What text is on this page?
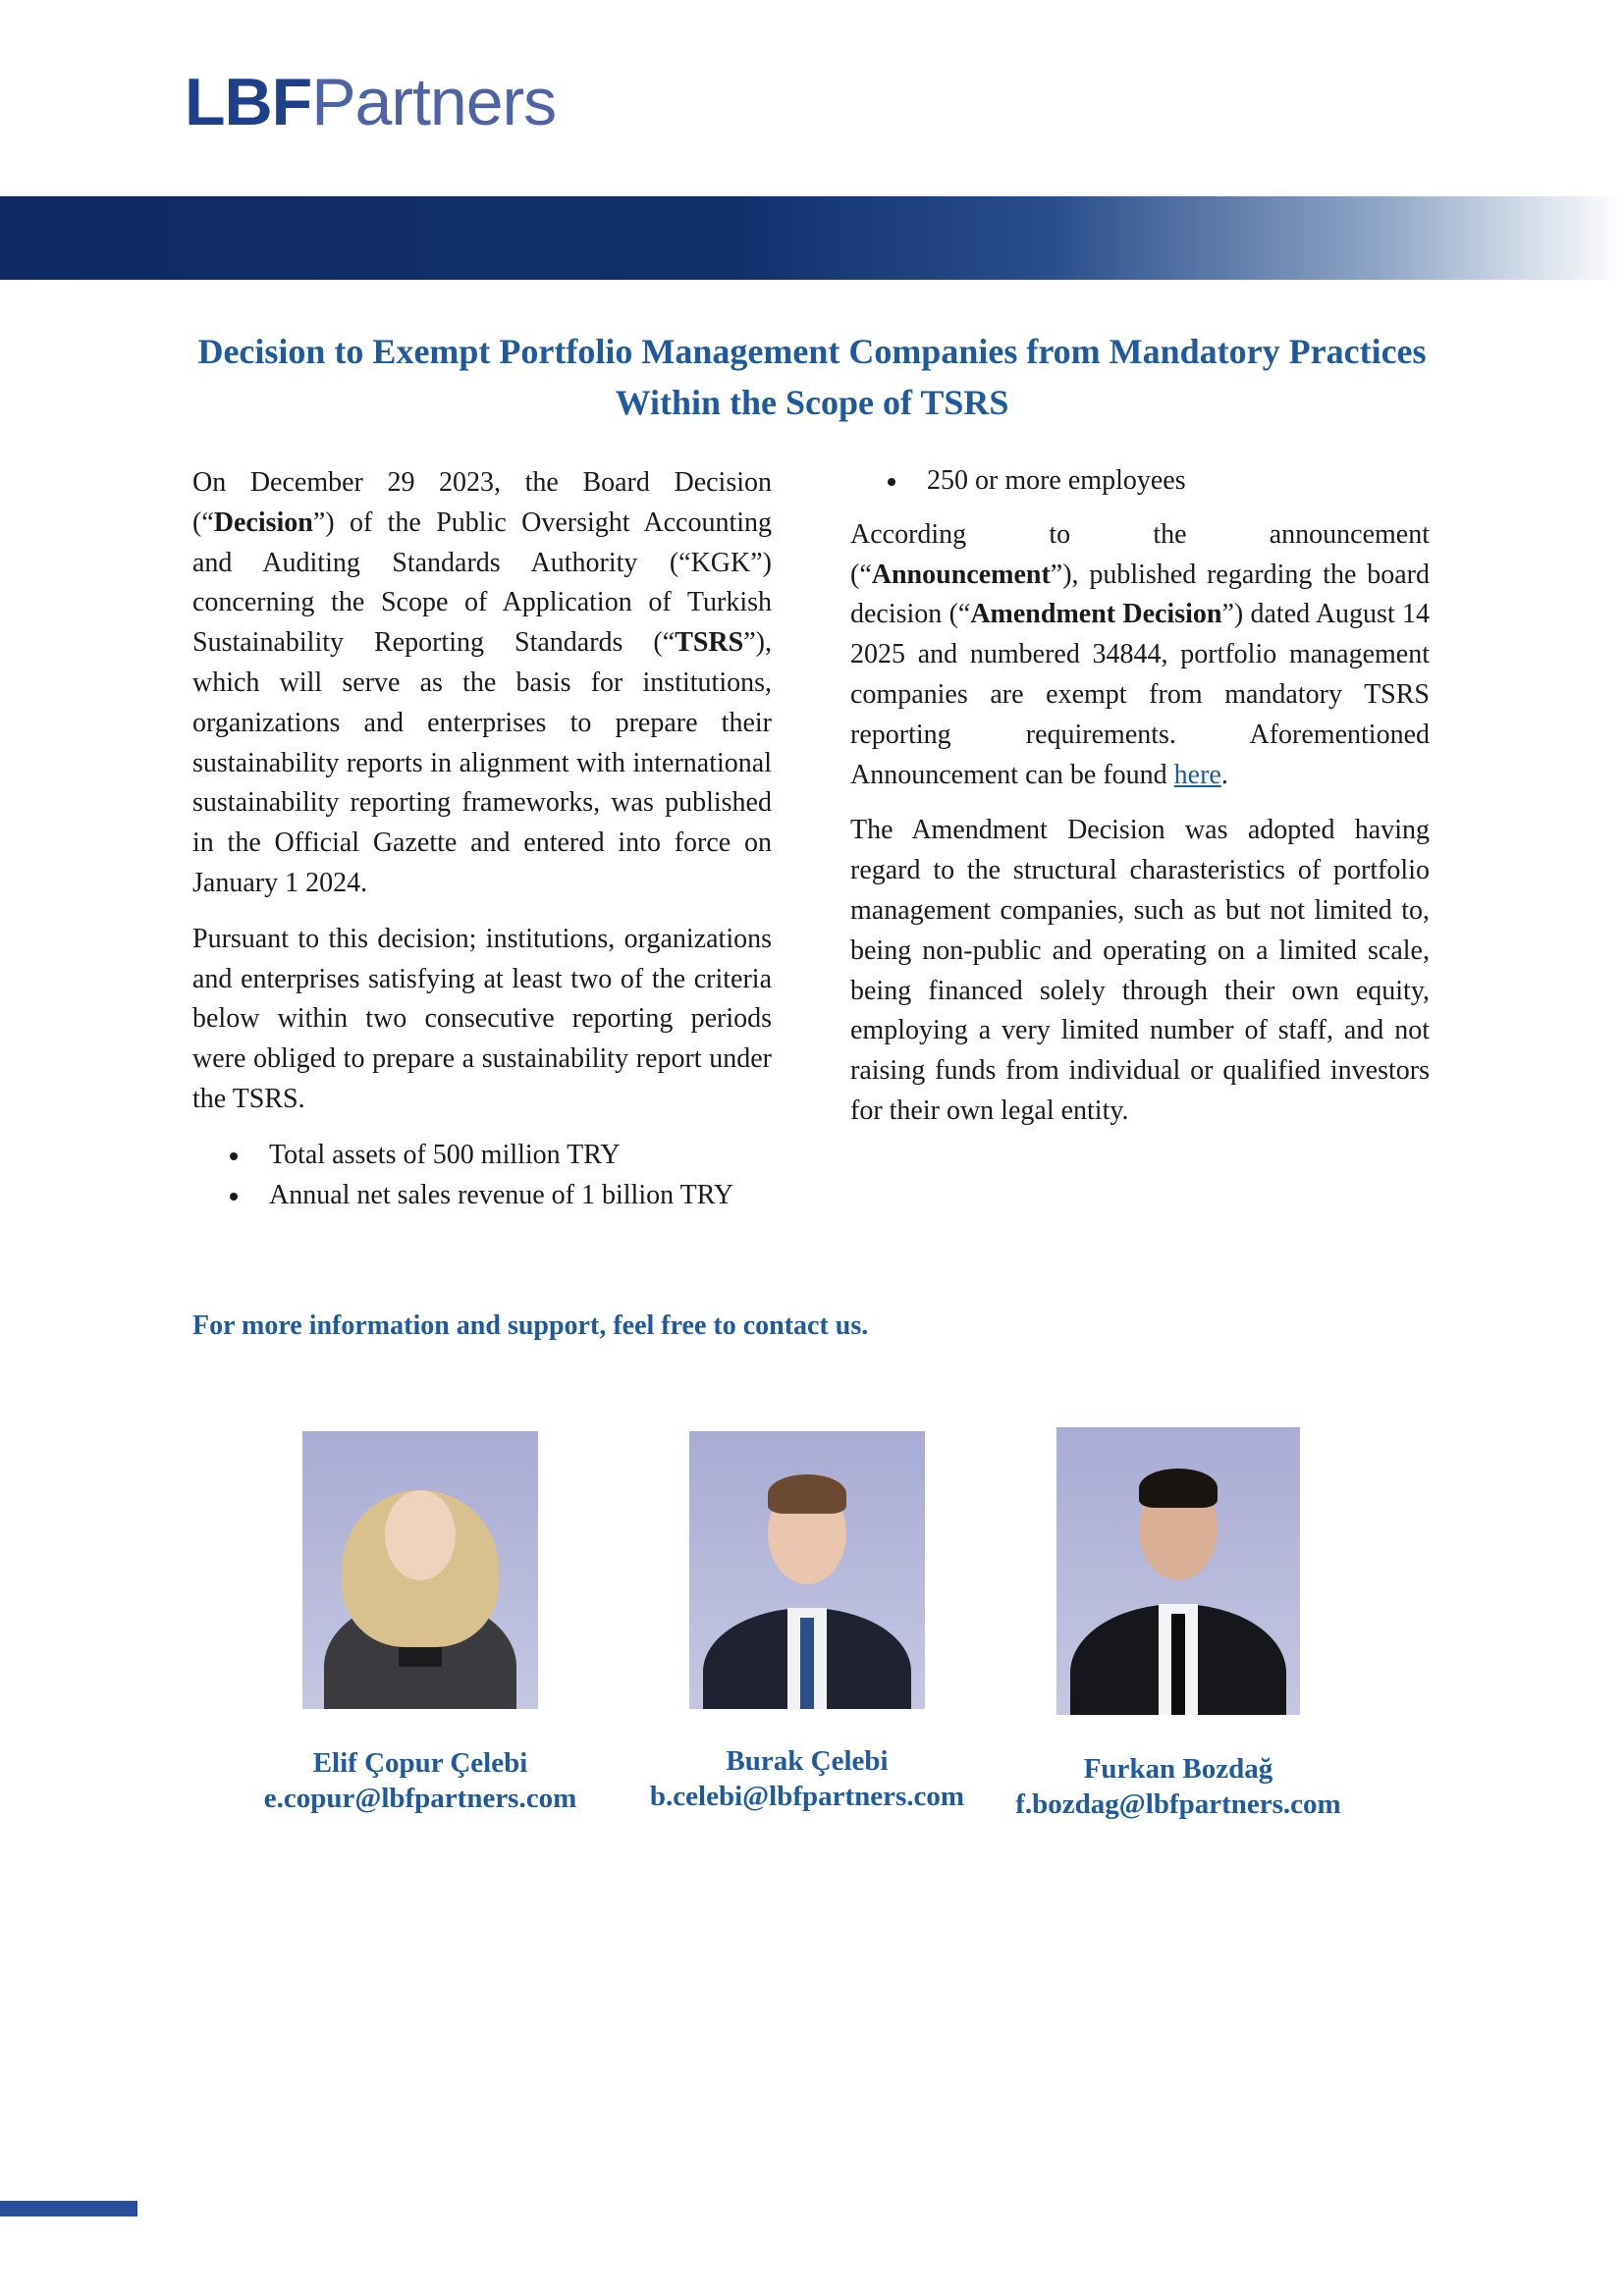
LBFPartners
Decision to Exempt Portfolio Management Companies from Mandatory Practices Within the Scope of TSRS

On December 29 2023, the Board Decision (“Decision”) of the Public Oversight Accounting and Auditing Standards Authority (“KGK”) concerning the Scope of Application of Turkish Sustainability Reporting Standards (“TSRS”), which will serve as the basis for institutions, organizations and enterprises to prepare their sustainability reports in alignment with international sustainability reporting frameworks, was published in the Official Gazette and entered into force on January 1 2024.

Pursuant to this decision; institutions, organizations and enterprises satisfying at least two of the criteria below within two consecutive reporting periods were obliged to prepare a sustainability report under the TSRS.

Total assets of 500 million TRY
Annual net sales revenue of 1 billion TRY
250 or more employees

According to the announcement (“Announcement”), published regarding the board decision (“Amendment Decision”) dated August 14 2025 and numbered 34844, portfolio management companies are exempt from mandatory TSRS reporting requirements. Aforementioned Announcement can be found here.

The Amendment Decision was adopted having regard to the structural charasteristics of portfolio management companies, such as but not limited to, being non-public and operating on a limited scale, being financed solely through their own equity, employing a very limited number of staff, and not raising funds from individual or qualified investors for their own legal entity.

For more information and support, feel free to contact us.
Elif Çopur Çelebi
e.copur@lbfpartners.com
Burak Çelebi
b.celebi@lbfpartners.com
Furkan Bozdağ
f.bozdag@lbfpartners.com
